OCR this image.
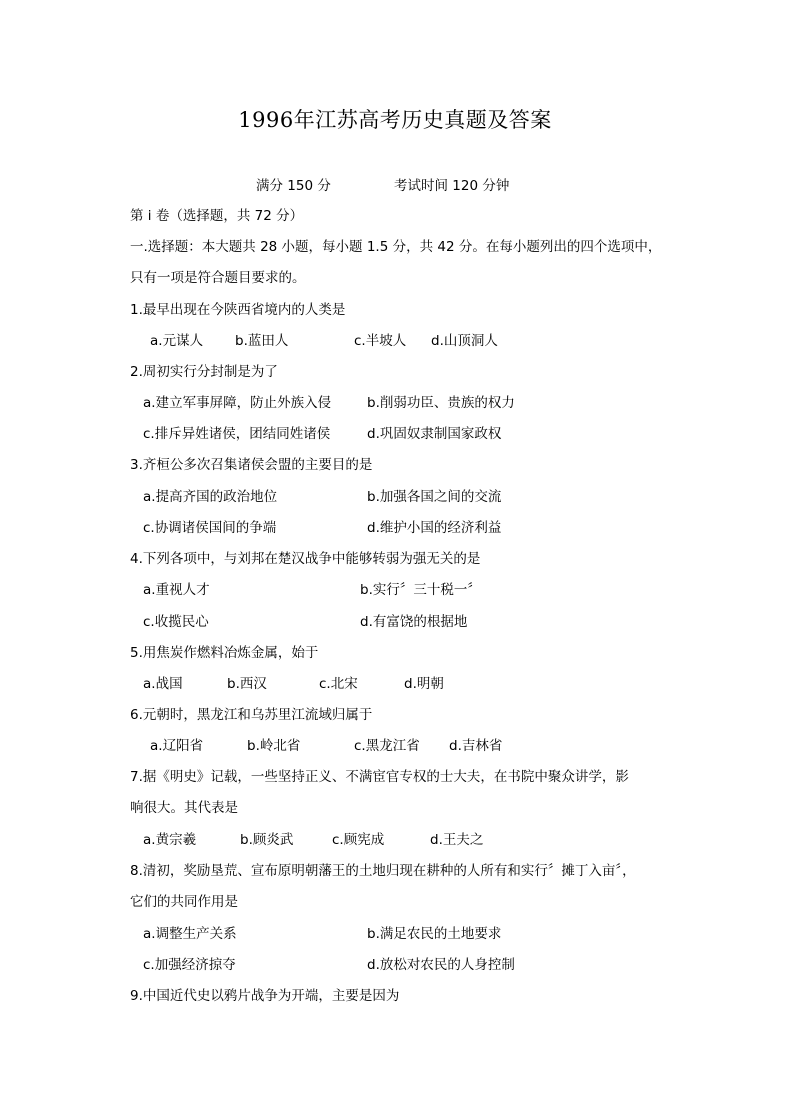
1996年江苏高考历史真题及答案
满分 150 分	考试时间 120 分钟
第 i 卷（选择题，共 72 分）
一.选择题：本大题共 28 小题，每小题 1.5 分，共 42 分。在每小题列出的四个选项中，
只有一项是符合题目要求的。
1.最早出现在今陕西省境内的人类是
a.元谋人 b.蓝田人	c.半坡人 d.山顶洞人
2.周初实行分封制是为了
a.建立军事屏障，防止外族入侵	b.削弱功臣、贵族的权力
c.排斥异姓诸侯，团结同姓诸侯	d.巩固奴隶制国家政权
3.齐桓公多次召集诸侯会盟的主要目的是
a.提高齐国的政治地位	b.加强各国之间的交流
c.协调诸侯国间的争端	d.维护小国的经济利益
4.下列各项中，与刘邦在楚汉战争中能够转弱为强无关的是
a.重视人才	b.实行〞三十税一〞
c.收揽民心	d.有富饶的根据地
5.用焦炭作燃料冶炼金属，始于
a.战国	b.西汉	c.北宋	d.明朝
6.元朝时，黑龙江和乌苏里江流域归属于
a.辽阳省	b.岭北省	c.黑龙江省 d.吉林省
7.据《明史》记载，一些坚持正义、不满宦官专权的士大夫，在书院中聚众讲学，影
响很大。其代表是
a.黄宗羲	b.顾炎武	c.顾宪成	d.王夫之
8.清初，奖励垦荒、宣布原明朝藩王的土地归现在耕种的人所有和实行〞摊丁入亩〞，
它们的共同作用是
a.调整生产关系	b.满足农民的土地要求
c.加强经济掠夺	d.放松对农民的人身控制
9.中国近代史以鸦片战争为开端，主要是因为
